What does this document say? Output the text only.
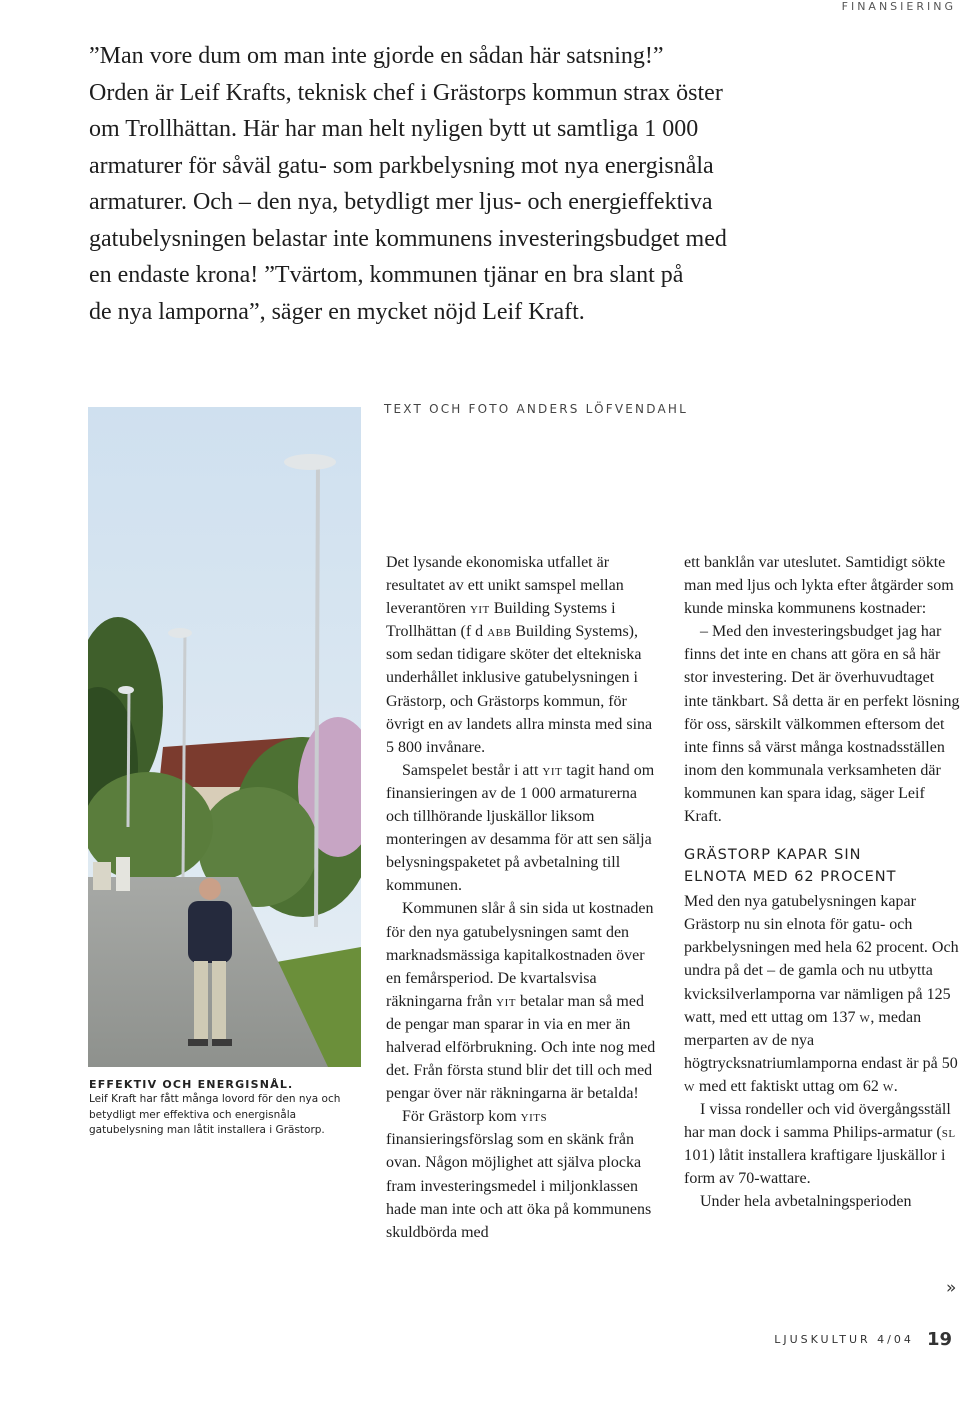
FINANSIERING

”Man vore dum om man inte gjorde en sådan här satsning!”

Orden är Leif Krafts, teknisk chef i Grästorps kommun strax öster

om Trollhättan. Här har man helt nyligen bytt ut samtliga 1 000

armaturer för såväl gatu- som parkbelysning mot nya energisnåla

armaturer. Och – den nya, betydligt mer ljus- och energieffektiva

gatubelysningen belastar inte kommunens investeringsbudget med

en endaste krona! ”Tvärtom, kommunen tjänar en bra slant på

de nya lamporna”, säger en mycket nöjd Leif Kraft.

TEXT OCH FOTO ANDERS LÖFVENDAHL
EFFEKTIV OCH ENERGISNÅL.
Leif Kraft har fått många lovord för den nya och betydligt mer effektiva och energisnåla gatubelysning man låtit installera i Grästorp.

Det lysande ekonomiska utfallet är resultatet av ett unikt samspel mellan leverantören yit Building Systems i Trollhättan (f d abb Building Systems), som sedan tidigare sköter det eltekniska underhållet inklusive gatubelysningen i Grästorp, och Grästorps kommun, för övrigt en av landets allra minsta med sina 5 800 invånare.

Samspelet består i att yit tagit hand om finansieringen av de 1 000 armaturerna och tillhörande ljuskällor liksom monteringen av desamma för att sen sälja belysningspaketet på avbetalning till kommunen.

Kommunen slår å sin sida ut kostnaden för den nya gatubelysningen samt den marknadsmässiga kapitalkostnaden över en femårsperiod. De kvartalsvisa räkningarna från yit betalar man så med de pengar man sparar in via en mer än halverad elförbrukning. Och inte nog med det. Från första stund blir det till och med pengar över när räkningarna är betalda!

För Grästorp kom yits finansieringsförslag som en skänk från ovan. Någon möjlighet att själva plocka fram investeringsmedel i miljonklassen hade man inte och att öka på kommunens skuldbörda med

ett banklån var uteslutet. Samtidigt sökte man med ljus och lykta efter åtgärder som kunde minska kommunens kostnader:

– Med den investeringsbudget jag har finns det inte en chans att göra en så här stor investering. Det är överhuvudtaget inte tänkbart. Så detta är en perfekt lösning för oss, särskilt välkommen eftersom det inte finns så värst många kostnadsställen inom den kommunala verksamheten där kommunen kan spara idag, säger Leif Kraft.

GRÄSTORP KAPAR SIN
ELNOTA MED 62 PROCENT

Med den nya gatubelysningen kapar Grästorp nu sin elnota för gatu- och parkbelysningen med hela 62 procent. Och undra på det – de gamla och nu utbytta kvicksilverlamporna var nämligen på 125 watt, med ett uttag om 137 w, medan merparten av de nya högtrycksnatriumlamporna endast är på 50 w med ett faktiskt uttag om 62 w.

I vissa rondeller och vid övergångsställ har man dock i samma Philips-armatur (sl 101) låtit installera kraftigare ljuskällor i form av 70-wattare.

Under hela avbetalningsperioden

»
LJUSKULTUR 4/04 19
